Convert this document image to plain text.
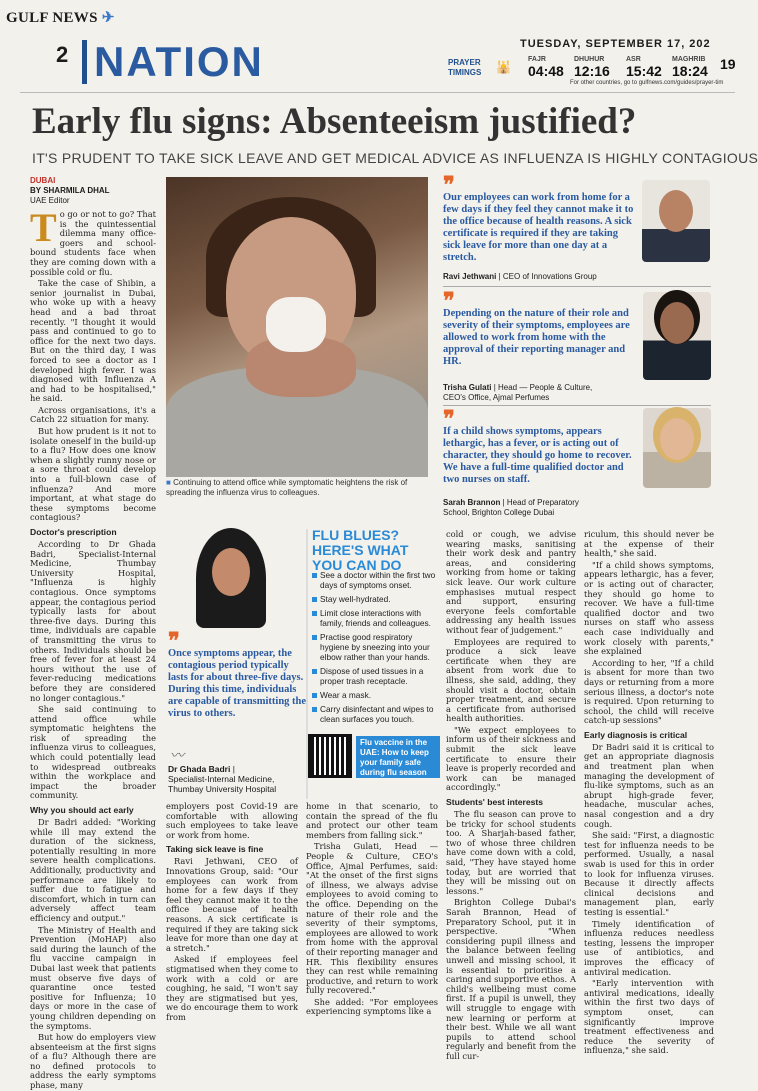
GULF NEWS ✈
2 NATION	TUESDAY, SEPTEMBER 17, 202
PRAYER TIMINGS	🕌
FAJR
04:48
DHUHUR
12:16
ASR
15:42
MAGHRIB
18:24 19
For other countries, go to gulfnews.com/guides/prayer-tim
Early flu signs: Absenteeism justified?
IT'S PRUDENT TO TAKE SICK LEAVE AND GET MEDICAL ADVICE AS INFLUENZA IS HIGHLY CONTAGIOUS
DUBAI
BY SHARMILA DHAL
UAE Editor
T o go or not to go? That is the quintessential dilemma many office-goers and school-bound students face when they are coming down with a possible cold or flu.

Take the case of Shibin, a senior journalist in Dubai, who woke up with a heavy head and a bad throat recently. "I thought it would pass and continued to go to office for the next two days. But on the third day, I was forced to see a doctor as I developed high fever. I was diagnosed with Influenza A and had to be hospitalised," he said.

Across organisations, it's a Catch 22 situation for many.

But how prudent is it not to isolate oneself in the build-up to a flu? How does one know when a slightly runny nose or a sore throat could develop into a full-blown case of influenza? And more important, at what stage do these symptoms become contagious?

Doctor's prescription

According to Dr Ghada Badri, Specialist-Internal Medicine, Thumbay University Hospital, "Influenza is highly contagious. Once symptoms appear, the contagious period typically lasts for about three-five days. During this time, individuals are capable of transmitting the virus to others. Individuals should be free of fever for at least 24 hours without the use of fever-reducing medications before they are considered no longer contagious."

She said continuing to attend office while symptomatic heightens the risk of spreading the influenza virus to colleagues, which could potentially lead to widespread outbreaks within the workplace and impact the broader community.

Why you should act early

Dr Badri added: "Working while ill may extend the duration of the sickness, potentially resulting in more severe health complications. Additionally, productivity and performance are likely to suffer due to fatigue and discomfort, which in turn can adversely affect team efficiency and output."

The Ministry of Health and Prevention (MoHAP) also said during the launch of the flu vaccine campaign in Dubai last week that patients must observe five days of quarantine once tested positive for Influenza; 10 days or more in the case of young children depending on the symptoms.

But how do employers view absenteeism at the first signs of a flu? Although there are no defined protocols to address the early symptoms phase, many

■ Continuing to attend office while symptomatic heightens the risk of spreading the influenza virus to colleagues.
❞
Our employees can work from home for a few days if they feel they cannot make it to the office because of health reasons. A sick certificate is required if they are taking sick leave for more than one day at a stretch.
Ravi Jethwani | CEO of Innovations Group
❞
Depending on the nature of their role and severity of their symptoms, employees are allowed to work from home with the approval of their reporting manager and HR.
Trisha Gulati | Head — People & Culture,
CEO's Office, Ajmal Perfumes
❞
If a child shows symptoms, appears lethargic, has a fever, or is acting out of character, they should go home to recover. We have a full-time qualified doctor and two nurses on staff.
Sarah Brannon | Head of Preparatory
School, Brighton College Dubai
❞
Once symptoms appear, the contagious period typically lasts for about three-five days. During this time, individuals are capable of transmitting the virus to others.
〰
Dr Ghada Badri |
Specialist-Internal Medicine,
Thumbay University Hospital
FLU BLUES? HERE'S WHAT YOU CAN DO
See a doctor within the first two days of symptoms onset.
Stay well-hydrated.
Limit close interactions with family, friends and colleagues.
Practise good respiratory hygiene by sneezing into your elbow rather than your hands.
Dispose of used tissues in a proper trash receptacle.
Wear a mask.
Carry disinfectant and wipes to clean surfaces you touch.
Flu vaccine in the UAE: How to keep your family safe during flu season

employers post Covid-19 are comfortable with allowing such employees to take leave or work from home.

Taking sick leave is fine

Ravi Jethwani, CEO of Innovations Group, said: "Our employees can work from home for a few days if they feel they cannot make it to the office because of health reasons. A sick certificate is required if they are taking sick leave for more than one day at a stretch."

Asked if employees feel stigmatised when they come to work with a cold or are coughing, he said, "I won't say they are stigmatised but yes, we do encourage them to work from

home in that scenario, to contain the spread of the flu and protect our other team members from falling sick."

Trisha Gulati, Head — People & Culture, CEO's Office, Ajmal Perfumes, said: "At the onset of the first signs of illness, we always advise employees to avoid coming to the office. Depending on the nature of their role and the severity of their symptoms, employees are allowed to work from home with the approval of their reporting manager and HR. This flexibility ensures they can rest while remaining productive, and return to work fully recovered."

She added: "For employees experiencing symptoms like a

cold or cough, we advise wearing masks, sanitising their work desk and pantry areas, and considering working from home or taking sick leave. Our work culture emphasises mutual respect and support, ensuring everyone feels comfortable addressing any health issues without fear of judgement."

Employees are required to produce a sick leave certificate when they are absent from work due to illness, she said, adding, they should visit a doctor, obtain proper treatment, and secure a certificate from authorised health authorities.

"We expect employees to inform us of their sickness and submit the sick leave certificate to ensure their leave is properly recorded and work can be managed accordingly."

Students' best interests

The flu season can prove to be tricky for school students too. A Sharjah-based father, two of whose three children have come down with a cold, said, "They have stayed home today, but are worried that they will be missing out on lessons."

Brighton College Dubai's Sarah Brannon, Head of Preparatory School, put it in perspective. "When considering pupil illness and the balance between feeling unwell and missing school, it is essential to prioritise a caring and supportive ethos. A child's wellbeing must come first. If a pupil is unwell, they will struggle to engage with new learning or perform at their best. While we all want pupils to attend school regularly and benefit from the full cur-

riculum, this should never be at the expense of their health," she said.

"If a child shows symptoms, appears lethargic, has a fever, or is acting out of character, they should go home to recover. We have a full-time qualified doctor and two nurses on staff who assess each case individually and work closely with parents," she explained

According to her, "If a child is absent for more than two days or returning from a more serious illness, a doctor's note is required. Upon returning to school, the child will receive catch-up sessions"

Early diagnosis is critical

Dr Badri said it is critical to get an appropriate diagnosis and treatment plan when managing the development of flu-like symptoms, such as an abrupt high-grade fever, headache, muscular aches, nasal congestion and a dry cough.

She said: "First, a diagnostic test for influenza needs to be performed. Usually, a nasal swab is used for this in order to look for influenza viruses. Because it directly affects clinical decisions and management plan, early testing is essential."

Timely identification of influenza reduces needless testing, lessens the improper use of antibiotics, and improves the efficacy of antiviral medication.

"Early intervention with antiviral medications, ideally within the first two days of symptom onset, can significantly improve treatment effectiveness and reduce the severity of influenza," she said.
